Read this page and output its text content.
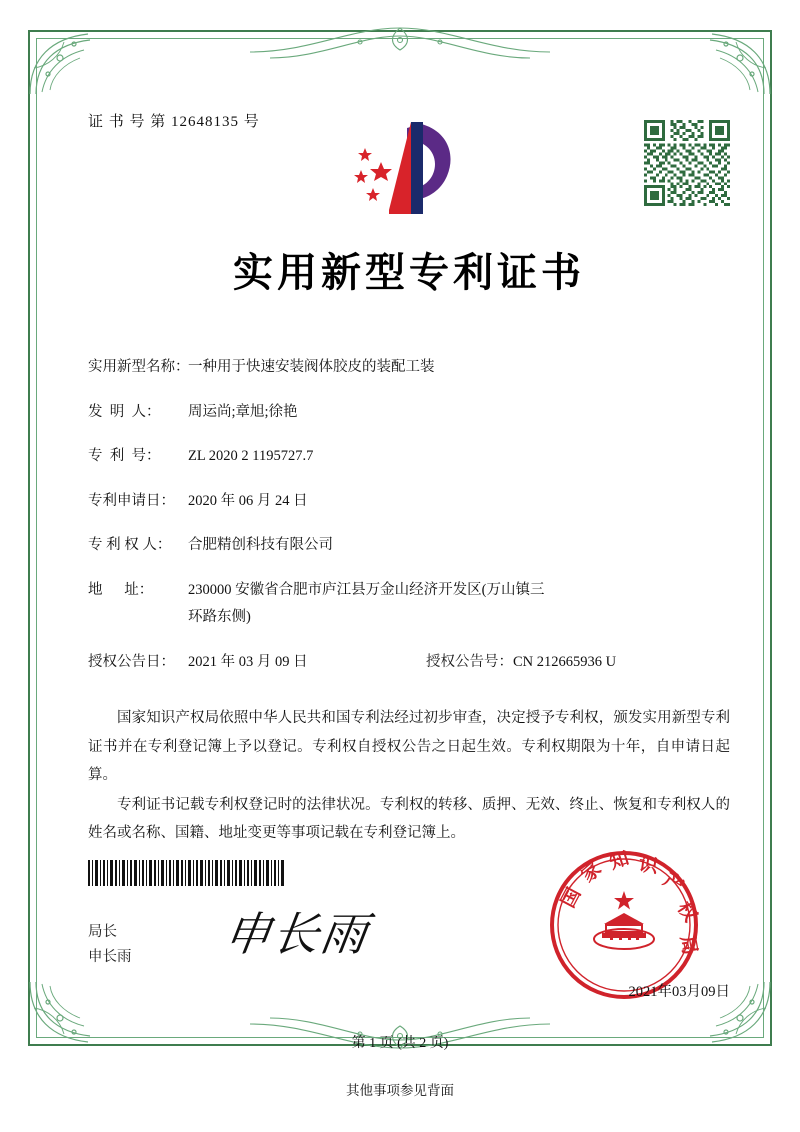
证 书 号 第 12648135 号
实用新型专利证书
实用新型名称：
一种用于快速安装阀体胶皮的装配工装
发  明  人：	周运尚;章旭;徐艳
专  利  号：	ZL 2020 2 1195727.7
专利申请日： 2020 年 06 月 24 日
专 利 权 人：	合肥精创科技有限公司
地      址：	230000 安徽省合肥市庐江县万金山经济开发区(万山镇三
环路东侧)
授权公告日： 2021 年 03 月 09 日	授权公告号： CN 212665936 U

国家知识产权局依照中华人民共和国专利法经过初步审查，决定授予专利权，颁发实用新型专利证书并在专利登记簿上予以登记。专利权自授权公告之日起生效。专利权期限为十年，自申请日起算。

专利证书记载专利权登记时的法律状况。专利权的转移、质押、无效、终止、恢复和专利权人的姓名或名称、国籍、地址变更等事项记载在专利登记簿上。

局长
申长雨 申长雨
国
家 知 识
产
权
局
2021年03月09日
第 1 页 (共 2 页)
其他事项参见背面
